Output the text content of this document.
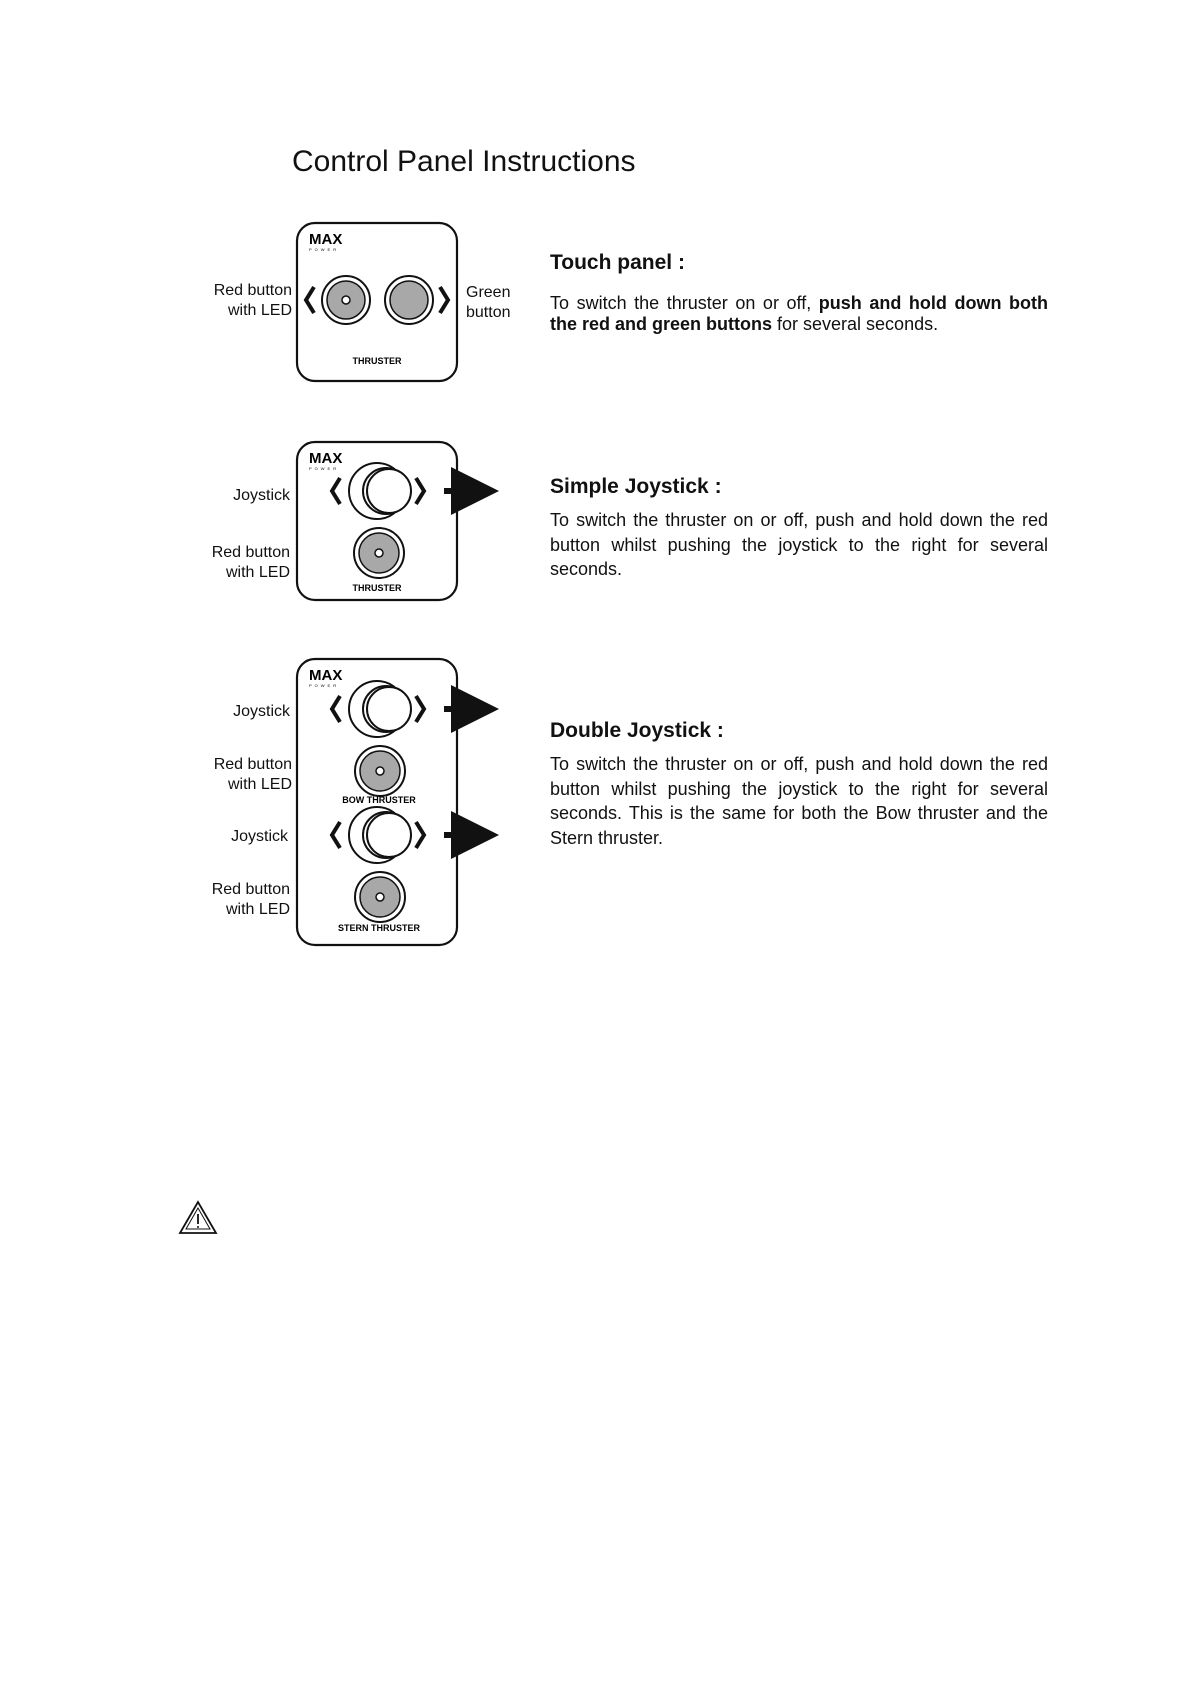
Control Panel Instructions
MAX
POWER
THRUSTER
MAX
POWER
THRUSTER
MAX
POWER
BOW THRUSTER
STERN THRUSTER
Red button
with LED
Green
button
Joystick
Red button
with LED
Joystick
Red button
with LED
Joystick
Red button
with LED
Touch panel :
To switch the thruster on or off, push and hold down both the red and green buttons for several seconds.
Simple Joystick :
To switch the thruster on or off, push and hold down the red button whilst pushing the joystick to the right for several seconds.
Double Joystick :
To switch the thruster on or off, push and hold down the red button whilst pushing the joystick to the right for several seconds. This is the same for both the Bow thruster and the Stern thruster.
